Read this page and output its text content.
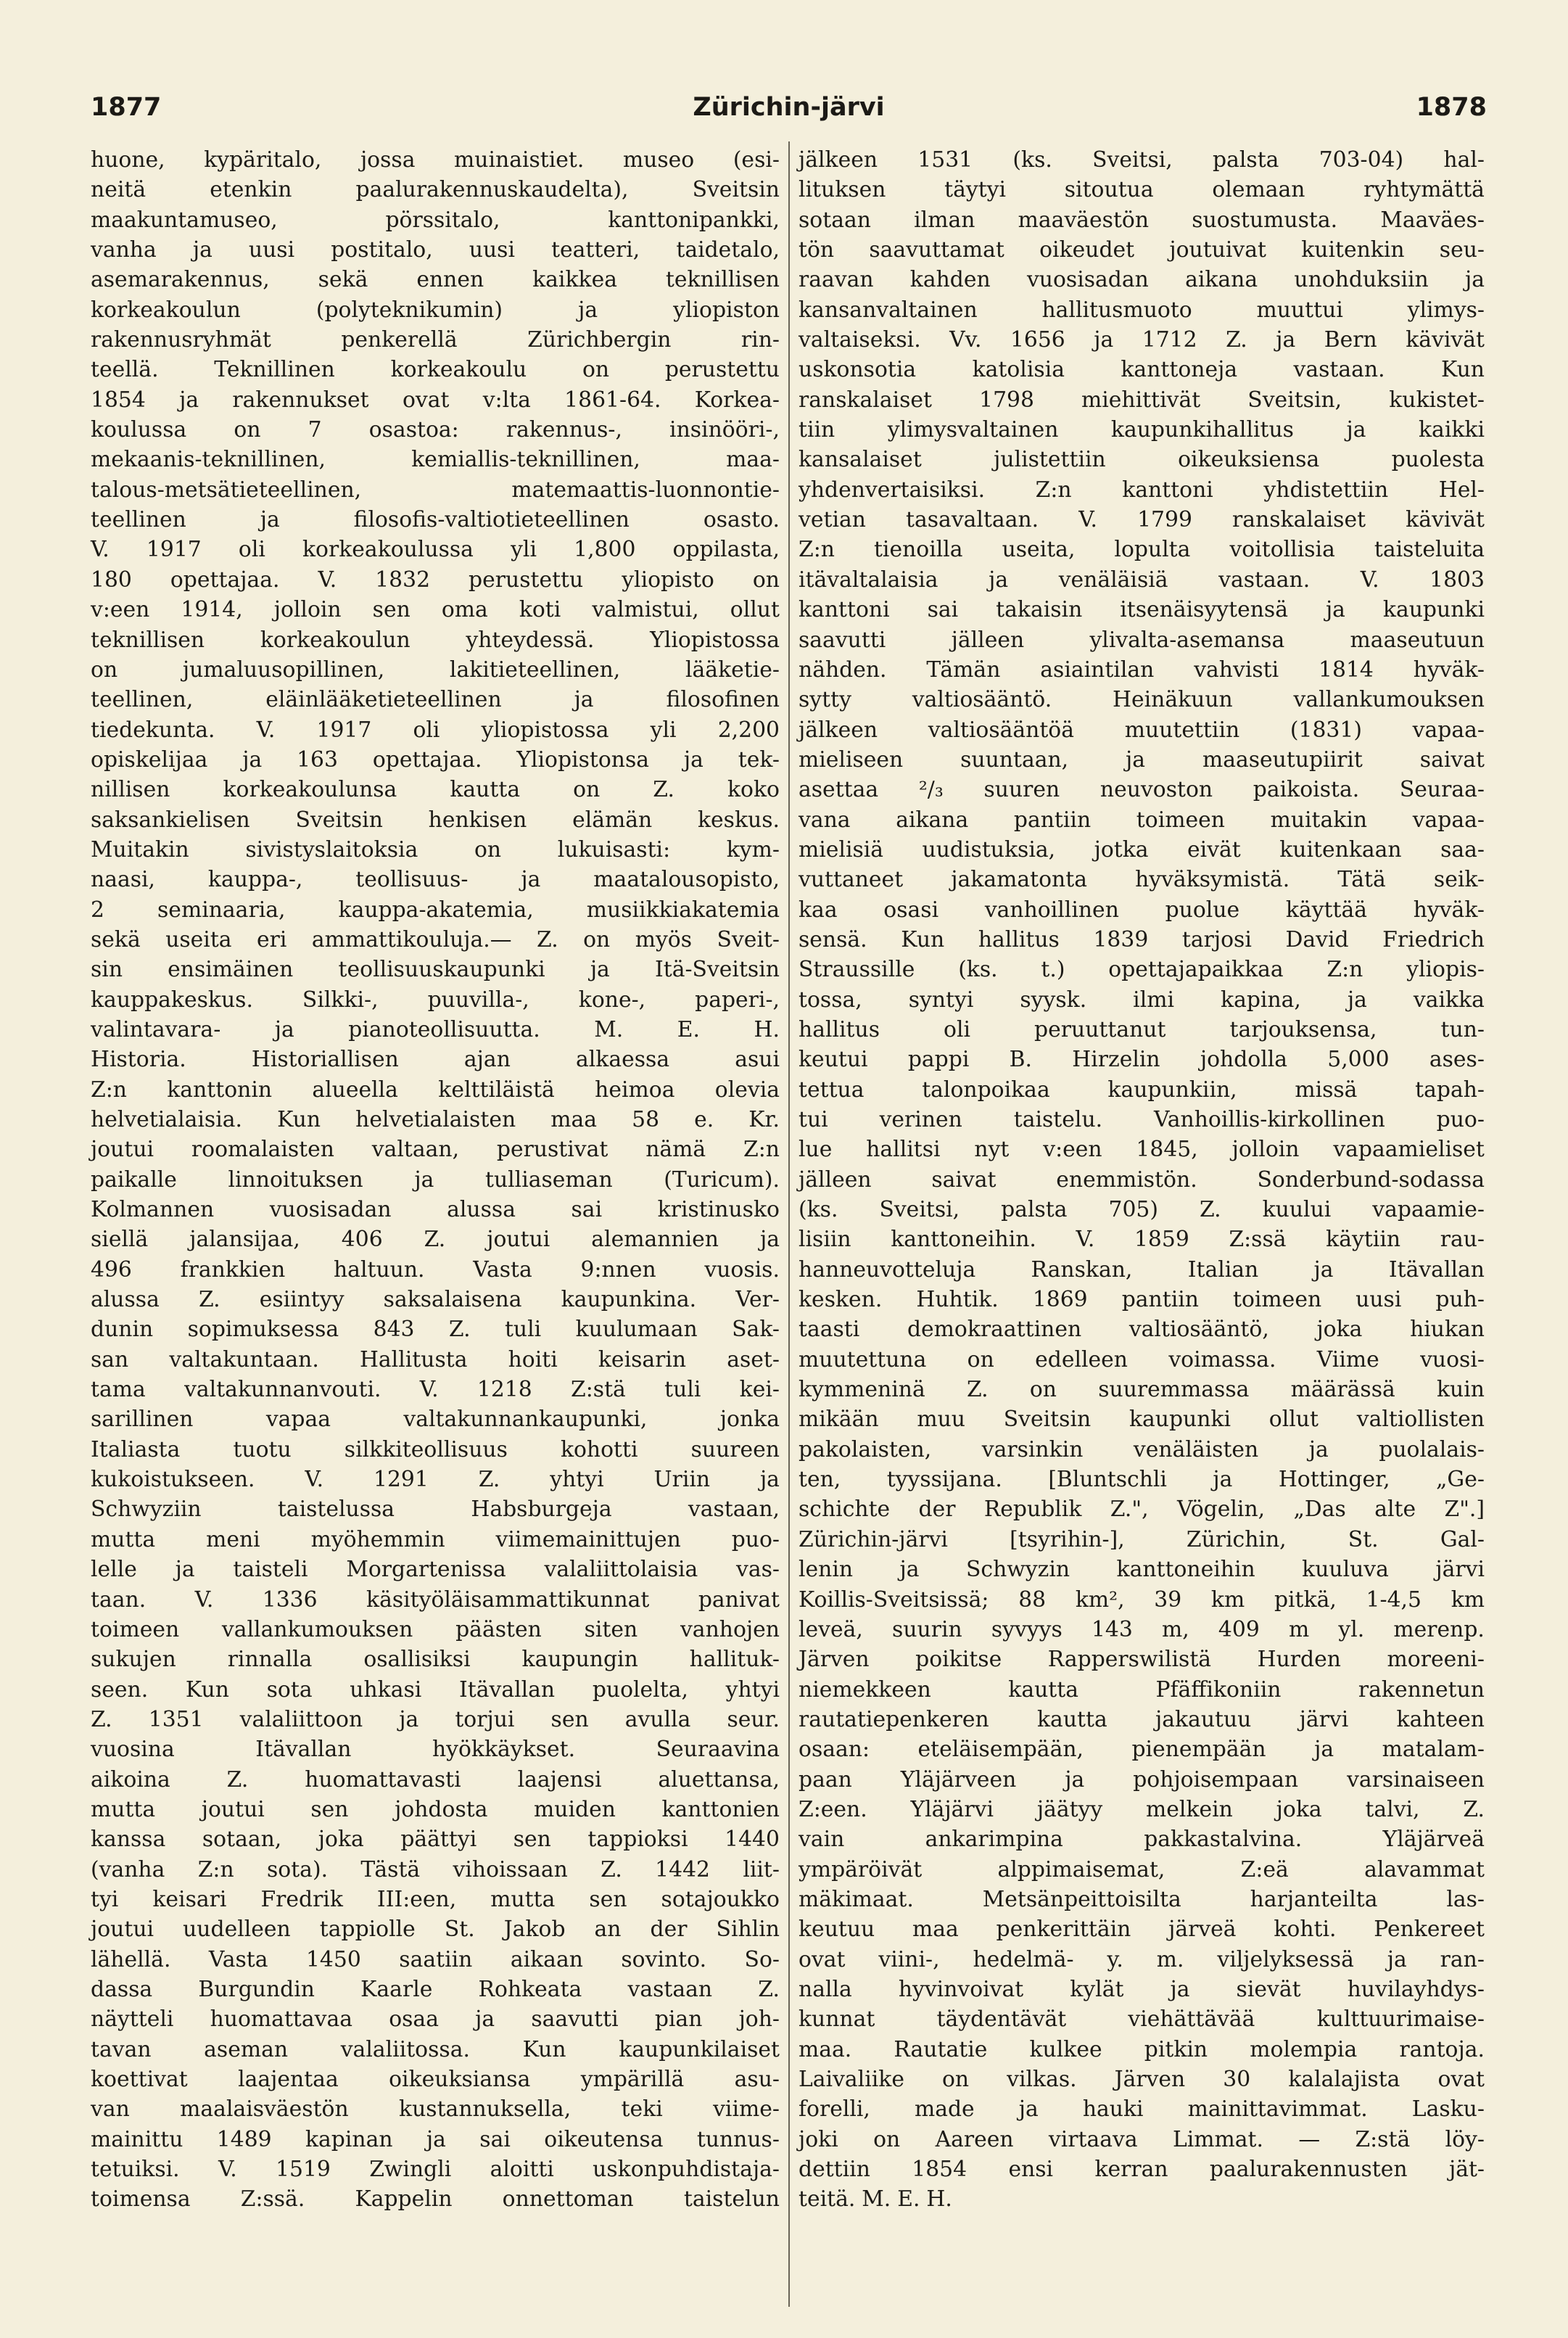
1877	Zürichin-järvi	1878
huone, kypäritalo, jossa muinaistiet. museo (esi-
neitä	etenkin	paalurakennuskaudelta),	Sveitsin
maakuntamuseo,	pörssitalo,	kanttonipankki,
vanha ja uusi postitalo, uusi teatteri, taidetalo,
asemarakennus, sekä ennen kaikkea teknillisen
korkeakoulun	(polyteknikumin)	ja	yliopiston
rakennusryhmät	penkerellä	Zürichbergin	rin-
teellä.	Teknillinen	korkeakoulu	on	perustettu
1854 ja rakennukset ovat v:lta 1861-64. Korkea-
koulussa on 7 osastoa: rakennus-, insinööri-,
mekaanis-teknillinen,	kemiallis-teknillinen,	maa-
talous-metsätieteellinen,	matemaattis-luonnontie-
teellinen	ja	filosofis-valtiotieteellinen	osasto.
V. 1917 oli korkeakoulussa yli 1,800 oppilasta,
180 opettajaa. V. 1832 perustettu yliopisto on
v:een 1914, jolloin sen oma koti valmistui, ollut
teknillisen	korkeakoulun	yhteydessä.	Yliopistossa
on	jumaluusopillinen,	lakitieteellinen,	lääketie-
teellinen,	eläinlääketieteellinen	ja	filosofinen
tiedekunta. V. 1917 oli yliopistossa yli 2,200
opiskelijaa ja 163 opettajaa. Yliopistonsa ja tek-
nillisen korkeakoulunsa kautta on Z. koko
saksankielisen Sveitsin henkisen elämän keskus.
Muitakin	sivistyslaitoksia	on	lukuisasti:	kym-
naasi, kauppa-, teollisuus- ja maatalousopisto,
2 seminaaria, kauppa-akatemia, musiikkiakatemia
sekä useita eri ammattikouluja.— Z. on myös Sveit-
sin ensimäinen teollisuuskaupunki ja Itä-Sveitsin
kauppakeskus. Silkki-, puuvilla-, kone-, paperi-,
valintavara-	ja	pianoteollisuutta.	M.	E.	H.
Historia.	Historiallisen	ajan	alkaessa	asui
Z:n kanttonin alueella kelttiläistä heimoa olevia
helvetialaisia. Kun helvetialaisten maa 58 e. Kr.
joutui roomalaisten valtaan, perustivat nämä Z:n
paikalle linnoituksen ja tulliaseman (Turicum).
Kolmannen	vuosisadan	alussa	sai	kristinusko
siellä jalansijaa, 406 Z. joutui alemannien ja
496 frankkien haltuun. Vasta 9:nnen vuosis.
alussa Z. esiintyy saksalaisena kaupunkina. Ver-
dunin sopimuksessa 843 Z. tuli kuulumaan Sak-
san valtakuntaan. Hallitusta hoiti keisarin aset-
tama valtakunnanvouti. V. 1218 Z:stä tuli kei-
sarillinen	vapaa	valtakunnankaupunki,	jonka
Italiasta tuotu silkkiteollisuus kohotti suureen
kukoistukseen. V. 1291 Z. yhtyi Uriin ja
Schwyziin	taistelussa	Habsburgeja	vastaan,
mutta meni myöhemmin viimemainittujen puo-
lelle ja taisteli Morgartenissa valaliittolaisia vas-
taan. V. 1336 käsityöläisammattikunnat panivat
toimeen vallankumouksen päästen siten vanhojen
sukujen rinnalla osallisiksi kaupungin hallituk-
seen. Kun sota uhkasi Itävallan puolelta, yhtyi
Z. 1351 valaliittoon ja torjui sen avulla seur.
vuosina	Itävallan	hyökkäykset.	Seuraavina
aikoina	Z.	huomattavasti	laajensi	aluettansa,
mutta joutui sen johdosta muiden kanttonien
kanssa sotaan, joka päättyi sen tappioksi 1440
(vanha Z:n sota). Tästä vihoissaan Z. 1442 liit-
tyi keisari Fredrik III:een, mutta sen sotajoukko
joutui uudelleen tappiolle St. Jakob an der Sihlin
lähellä. Vasta 1450 saatiin aikaan sovinto. So-
dassa Burgundin Kaarle Rohkeata vastaan Z.
näytteli huomattavaa osaa ja saavutti pian joh-
tavan aseman valaliitossa. Kun kaupunkilaiset
koettivat laajentaa oikeuksiansa ympärillä asu-
van maalaisväestön kustannuksella, teki viime-
mainittu 1489 kapinan ja sai oikeutensa tunnus-
tetuiksi. V. 1519 Zwingli aloitti uskonpuhdistaja-
toimensa Z:ssä. Kappelin onnettoman taistelun
jälkeen 1531 (ks. Sveitsi, palsta 703-04) hal-
lituksen	täytyi	sitoutua	olemaan	ryhtymättä
sotaan ilman maaväestön suostumusta. Maaväes-
tön saavuttamat oikeudet joutuivat kuitenkin seu-
raavan kahden vuosisadan aikana unohduksiin ja
kansanvaltainen	hallitusmuoto	muuttui	ylimys-
valtaiseksi. Vv. 1656 ja 1712 Z. ja Bern kävivät
uskonsotia	katolisia	kanttoneja	vastaan.	Kun
ranskalaiset 1798 miehittivät Sveitsin, kukistet-
tiin ylimysvaltainen kaupunkihallitus ja kaikki
kansalaiset	julistettiin	oikeuksiensa	puolesta
yhdenvertaisiksi. Z:n kanttoni yhdistettiin Hel-
vetian tasavaltaan. V. 1799 ranskalaiset kävivät
Z:n tienoilla useita, lopulta voitollisia taisteluita
itävaltalaisia ja venäläisiä vastaan. V. 1803
kanttoni sai takaisin itsenäisyytensä ja kaupunki
saavutti	jälleen	ylivalta-asemansa	maaseutuun
nähden. Tämän asiaintilan vahvisti 1814 hyväk-
sytty	valtiosääntö.	Heinäkuun	vallankumouksen
jälkeen valtiosääntöä muutettiin (1831) vapaa-
mieliseen	suuntaan,	ja	maaseutupiirit	saivat
asettaa ²/₃ suuren neuvoston paikoista. Seuraa-
vana aikana pantiin toimeen muitakin vapaa-
mielisiä uudistuksia, jotka eivät kuitenkaan saa-
vuttaneet jakamatonta hyväksymistä. Tätä seik-
kaa osasi vanhoillinen puolue käyttää hyväk-
sensä. Kun hallitus 1839 tarjosi David Friedrich
Straussille (ks. t.) opettajapaikkaa Z:n yliopis-
tossa, syntyi syysk. ilmi kapina, ja vaikka
hallitus	oli	peruuttanut	tarjouksensa,	tun-
keutui pappi B. Hirzelin johdolla 5,000 ases-
tettua	talonpoikaa	kaupunkiin,	missä	tapah-
tui verinen taistelu. Vanhoillis-kirkollinen puo-
lue hallitsi nyt v:een 1845, jolloin vapaamieliset
jälleen	saivat	enemmistön.	Sonderbund-sodassa
(ks. Sveitsi, palsta 705) Z. kuului vapaamie-
lisiin kanttoneihin. V. 1859 Z:ssä käytiin rau-
hanneuvotteluja	Ranskan,	Italian	ja	Itävallan
kesken. Huhtik. 1869 pantiin toimeen uusi puh-
taasti demokraattinen valtiosääntö, joka hiukan
muutettuna on edelleen voimassa. Viime vuosi-
kymmeninä Z. on suuremmassa määrässä kuin
mikään muu Sveitsin kaupunki ollut valtiollisten
pakolaisten, varsinkin venäläisten ja puolalais-
ten, tyyssijana. [Bluntschli ja Hottinger, „Ge-
schichte der Republik Z.", Vögelin, „Das alte Z".]
Zürichin-järvi	[tsyrihin-],	Zürichin,	St.	Gal-
lenin ja Schwyzin kanttoneihin kuuluva järvi
Koillis-Sveitsissä; 88 km², 39 km pitkä, 1-4,5 km
leveä, suurin syvyys 143 m, 409 m yl. merenp.
Järven poikitse Rapperswilistä Hurden moreeni-
niemekkeen	kautta	Pfäffikoniin	rakennetun
rautatiepenkeren kautta jakautuu järvi kahteen
osaan: eteläisempään, pienempään ja matalam-
paan Yläjärveen ja pohjoisempaan varsinaiseen
Z:een. Yläjärvi jäätyy melkein joka talvi, Z.
vain	ankarimpina	pakkastalvina.	Yläjärveä
ympäröivät	alppimaisemat,	Z:eä	alavammat
mäkimaat.	Metsänpeittoisilta	harjanteilta	las-
keutuu maa penkerittäin järveä kohti. Penkereet
ovat viini-, hedelmä- y. m. viljelyksessä ja ran-
nalla hyvinvoivat kylät ja sievät huvilayhdys-
kunnat	täydentävät	viehättävää	kulttuurimaise-
maa. Rautatie kulkee pitkin molempia rantoja.
Laivaliike on vilkas. Järven 30 kalalajista ovat
forelli, made ja hauki mainittavimmat. Lasku-
joki on Aareen virtaava Limmat. — Z:stä löy-
dettiin 1854 ensi kerran paalurakennusten jät-
teitä. M. E. H.
